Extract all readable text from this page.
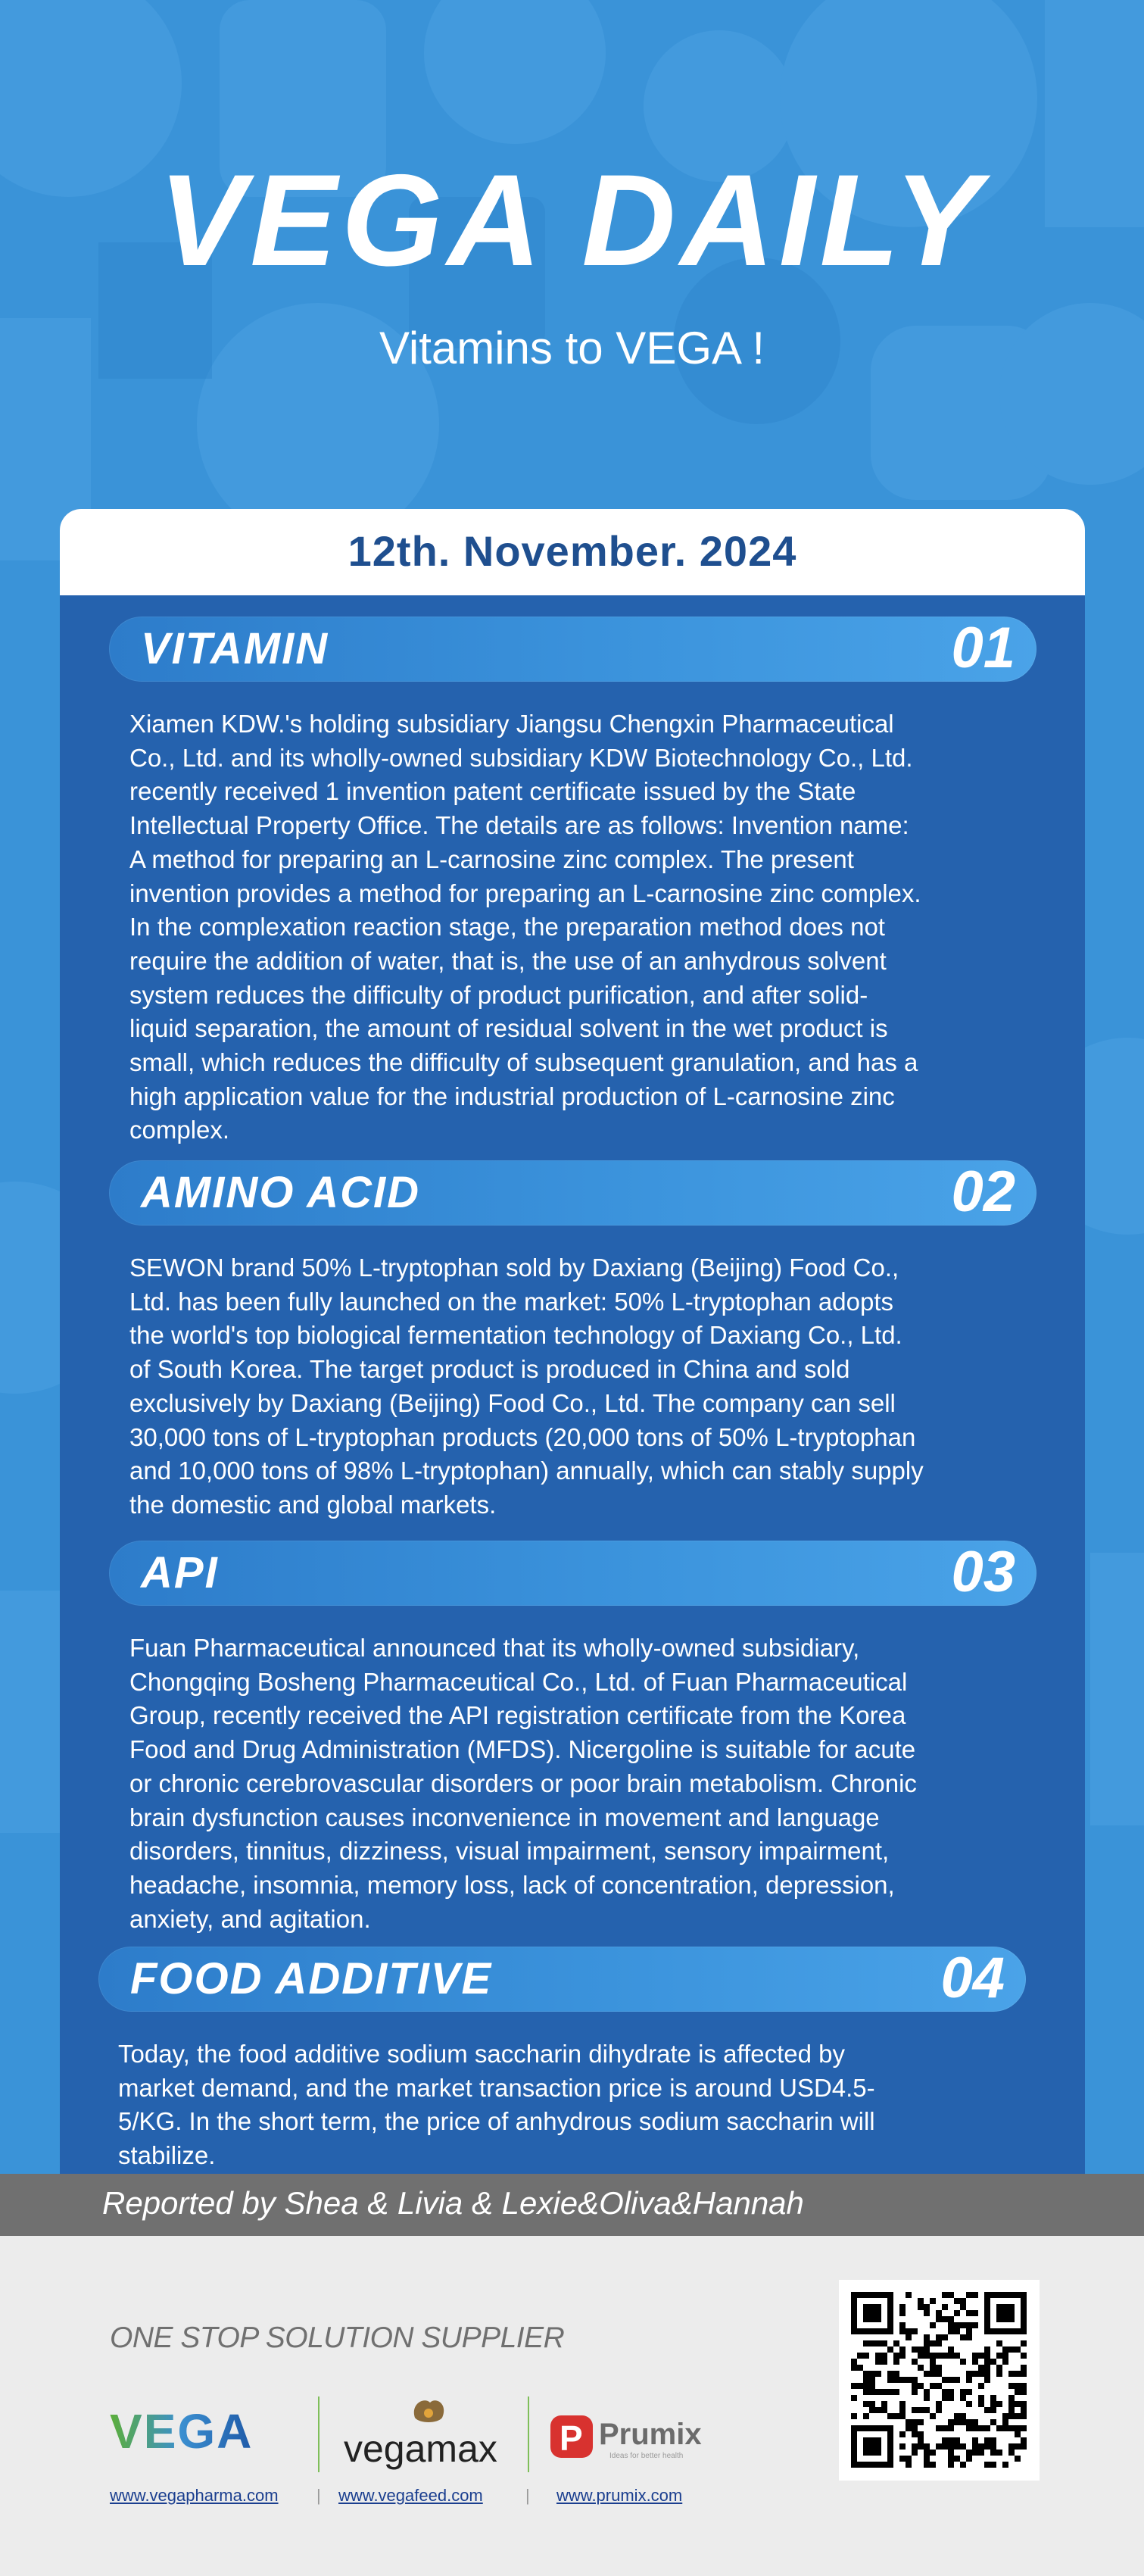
VEGA DAILY
Vitamins to VEGA !
12th. November. 2024
VITAMIN	01
Xiamen KDW.'s holding subsidiary Jiangsu Chengxin Pharmaceutical
Co., Ltd. and its wholly-owned subsidiary KDW Biotechnology Co., Ltd.
recently received 1 invention patent certificate issued by the State
Intellectual Property Office. The details are as follows: Invention name:
A method for preparing an L-carnosine zinc complex. The present
invention provides a method for preparing an L-carnosine zinc complex.
In the complexation reaction stage, the preparation method does not
require the addition of water, that is, the use of an anhydrous solvent
system reduces the difficulty of product purification, and after solid-
liquid separation, the amount of residual solvent in the wet product is
small, which reduces the difficulty of subsequent granulation, and has a
high application value for the industrial production of L-carnosine zinc
complex.
AMINO ACID	02
SEWON brand 50% L-tryptophan sold by Daxiang (Beijing) Food Co.,
Ltd. has been fully launched on the market: 50% L-tryptophan adopts
the world's top biological fermentation technology of Daxiang Co., Ltd.
of South Korea. The target product is produced in China and sold
exclusively by Daxiang (Beijing) Food Co., Ltd. The company can sell
30,000 tons of L-tryptophan products (20,000 tons of 50% L-tryptophan
and 10,000 tons of 98% L-tryptophan) annually, which can stably supply
the domestic and global markets.
API	03
Fuan Pharmaceutical announced that its wholly-owned subsidiary,
Chongqing Bosheng Pharmaceutical Co., Ltd. of Fuan Pharmaceutical
Group, recently received the API registration certificate from the Korea
Food and Drug Administration (MFDS). Nicergoline is suitable for acute
or chronic cerebrovascular disorders or poor brain metabolism. Chronic
brain dysfunction causes inconvenience in movement and language
disorders, tinnitus, dizziness, visual impairment, sensory impairment,
headache, insomnia, memory loss, lack of concentration, depression,
anxiety, and agitation.
FOOD ADDITIVE	04
Today, the food additive sodium saccharin dihydrate is affected by
market demand, and the market transaction price is around USD4.5-
5/KG. In the short term, the price of anhydrous sodium saccharin will
stabilize.
Reported by Shea & Livia & Lexie&Oliva&Hannah
ONE STOP SOLUTION SUPPLIER
VEGA vegamax P Prumix
Ideas for better health
www.vegapharma.com | www.vegafeed.com	| www.prumix.com
